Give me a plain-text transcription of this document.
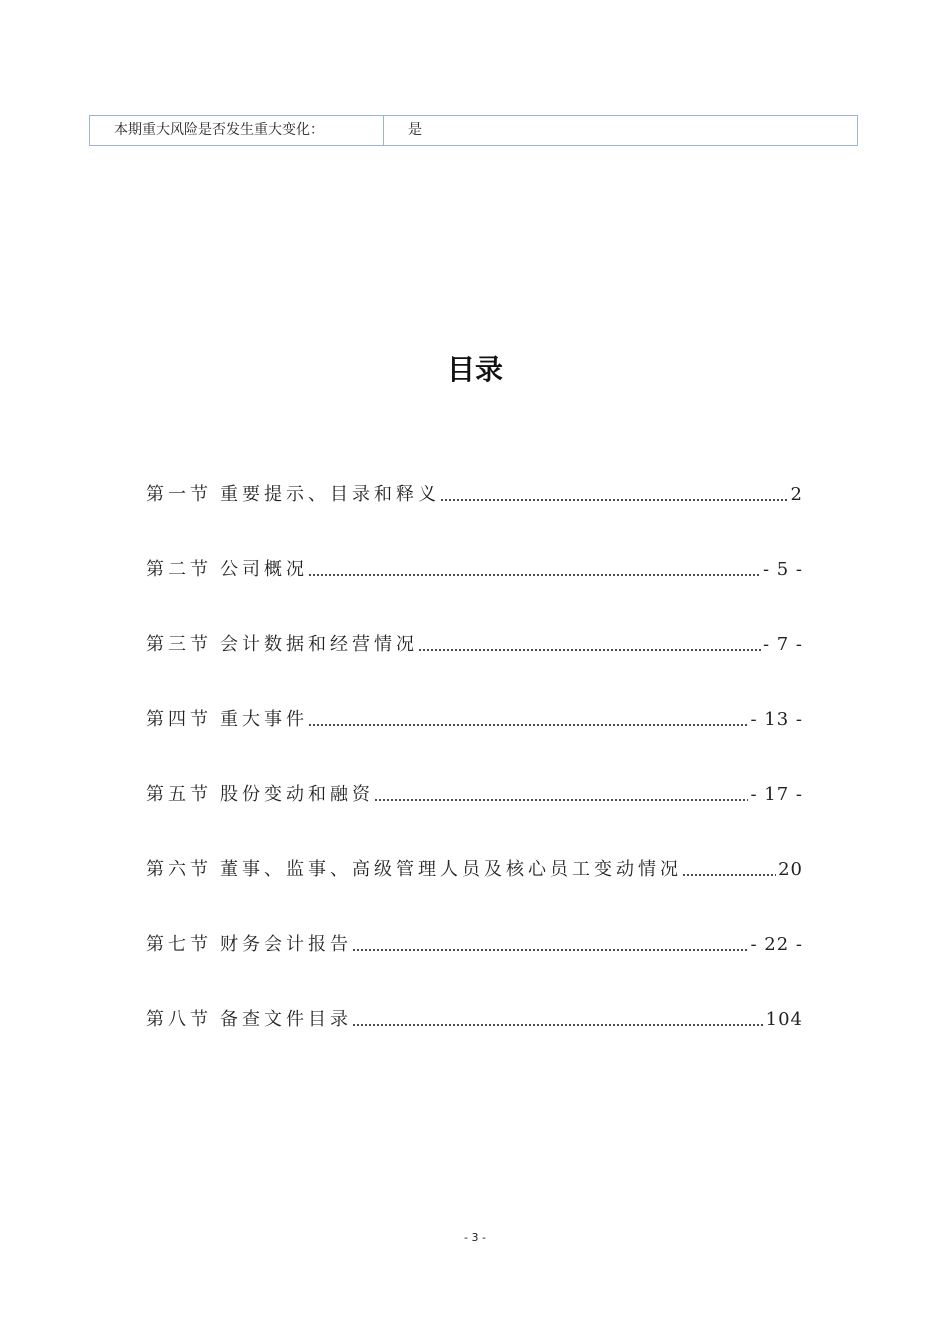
本期重大风险是否发生重大变化：	是
目录
第一节 重要提示、目录和释义	2
第二节 公司概况	- 5 -
第三节 会计数据和经营情况	- 7 -
第四节 重大事件	- 13 -
第五节 股份变动和融资	- 17 -
第六节 董事、监事、高级管理人员及核心员工变动情况	20
第七节 财务会计报告	- 22 -
第八节 备查文件目录	104
- 3 -
